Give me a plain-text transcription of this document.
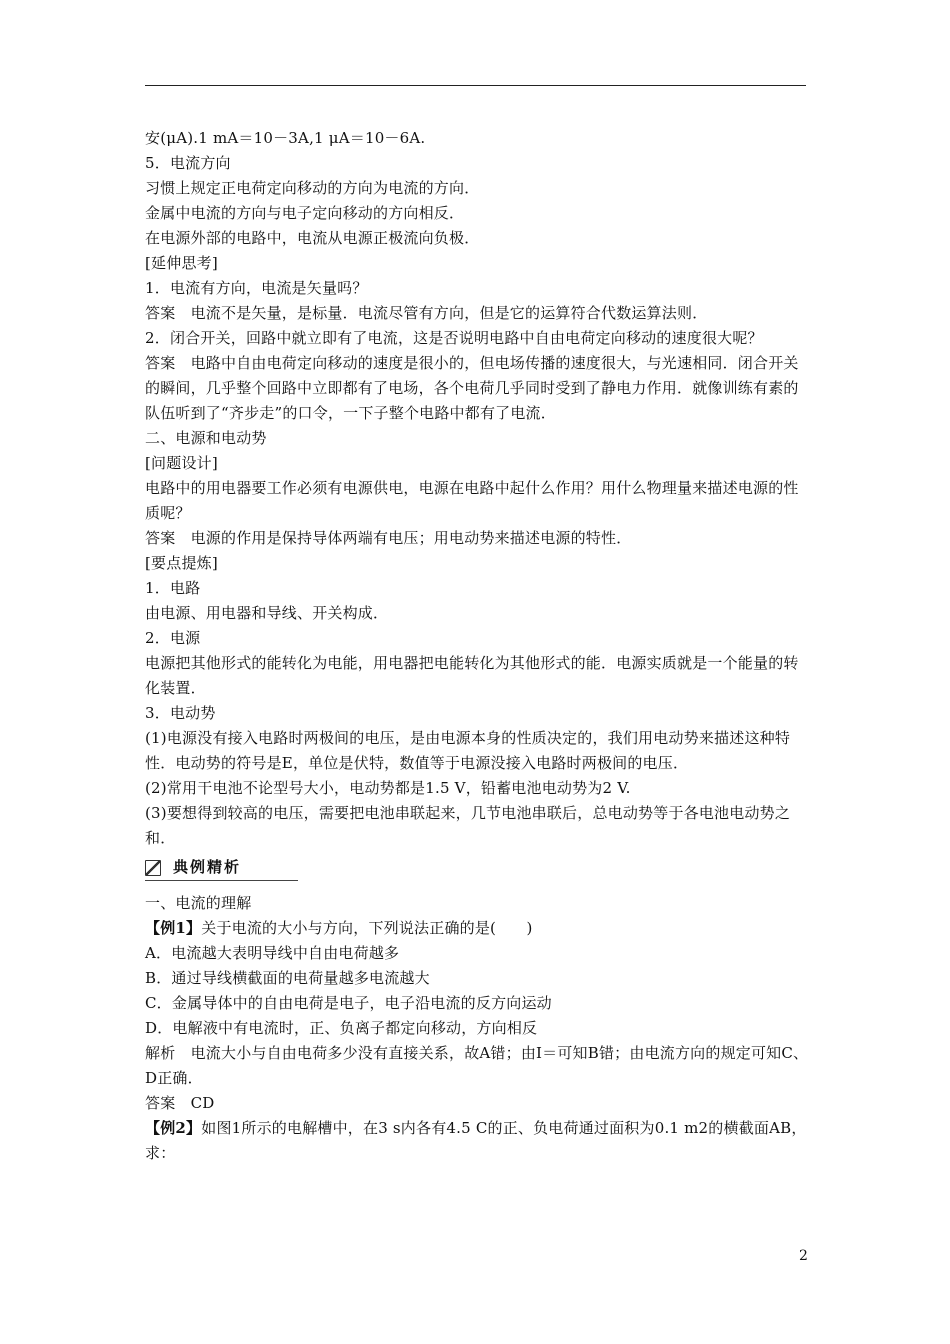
安(μA).1 mA＝10－3A,1 μA＝10－6A.

5．电流方向

习惯上规定正电荷定向移动的方向为电流的方向．

金属中电流的方向与电子定向移动的方向相反．

在电源外部的电路中，电流从电源正极流向负极．

[延伸思考]

1．电流有方向，电流是矢量吗？

答案　电流不是矢量，是标量．电流尽管有方向，但是它的运算符合代数运算法则．

2．闭合开关，回路中就立即有了电流，这是否说明电路中自由电荷定向移动的速度很大呢？

答案　电路中自由电荷定向移动的速度是很小的，但电场传播的速度很大，与光速相同．闭合开关的瞬间，几乎整个回路中立即都有了电场，各个电荷几乎同时受到了静电力作用．就像训练有素的队伍听到了“齐步走”的口令，一下子整个电路中都有了电流．

二、电源和电动势

[问题设计]

电路中的用电器要工作必须有电源供电，电源在电路中起什么作用？用什么物理量来描述电源的性质呢？

答案　电源的作用是保持导体两端有电压；用电动势来描述电源的特性．

[要点提炼]

1．电路

由电源、用电器和导线、开关构成．

2．电源

电源把其他形式的能转化为电能，用电器把电能转化为其他形式的能．电源实质就是一个能量的转化装置．

3．电动势

(1)电源没有接入电路时两极间的电压，是由电源本身的性质决定的，我们用电动势来描述这种特性．电动势的符号是E，单位是伏特，数值等于电源没接入电路时两极间的电压．

(2)常用干电池不论型号大小，电动势都是1.5 V，铅蓄电池电动势为2 V.

(3)要想得到较高的电压，需要把电池串联起来，几节电池串联后，总电动势等于各电池电动势之和．

典例精析

一、电流的理解

【例1】关于电流的大小与方向，下列说法正确的是(　　)

A．电流越大表明导线中自由电荷越多

B．通过导线横截面的电荷量越多电流越大

C．金属导体中的自由电荷是电子，电子沿电流的反方向运动

D．电解液中有电流时，正、负离子都定向移动，方向相反

解析　电流大小与自由电荷多少没有直接关系，故A错；由I＝可知B错；由电流方向的规定可知C、D正确．

答案　CD

【例2】如图1所示的电解槽中，在3 s内各有4.5 C的正、负电荷通过面积为0.1 m2的横截面AB，求：

2
